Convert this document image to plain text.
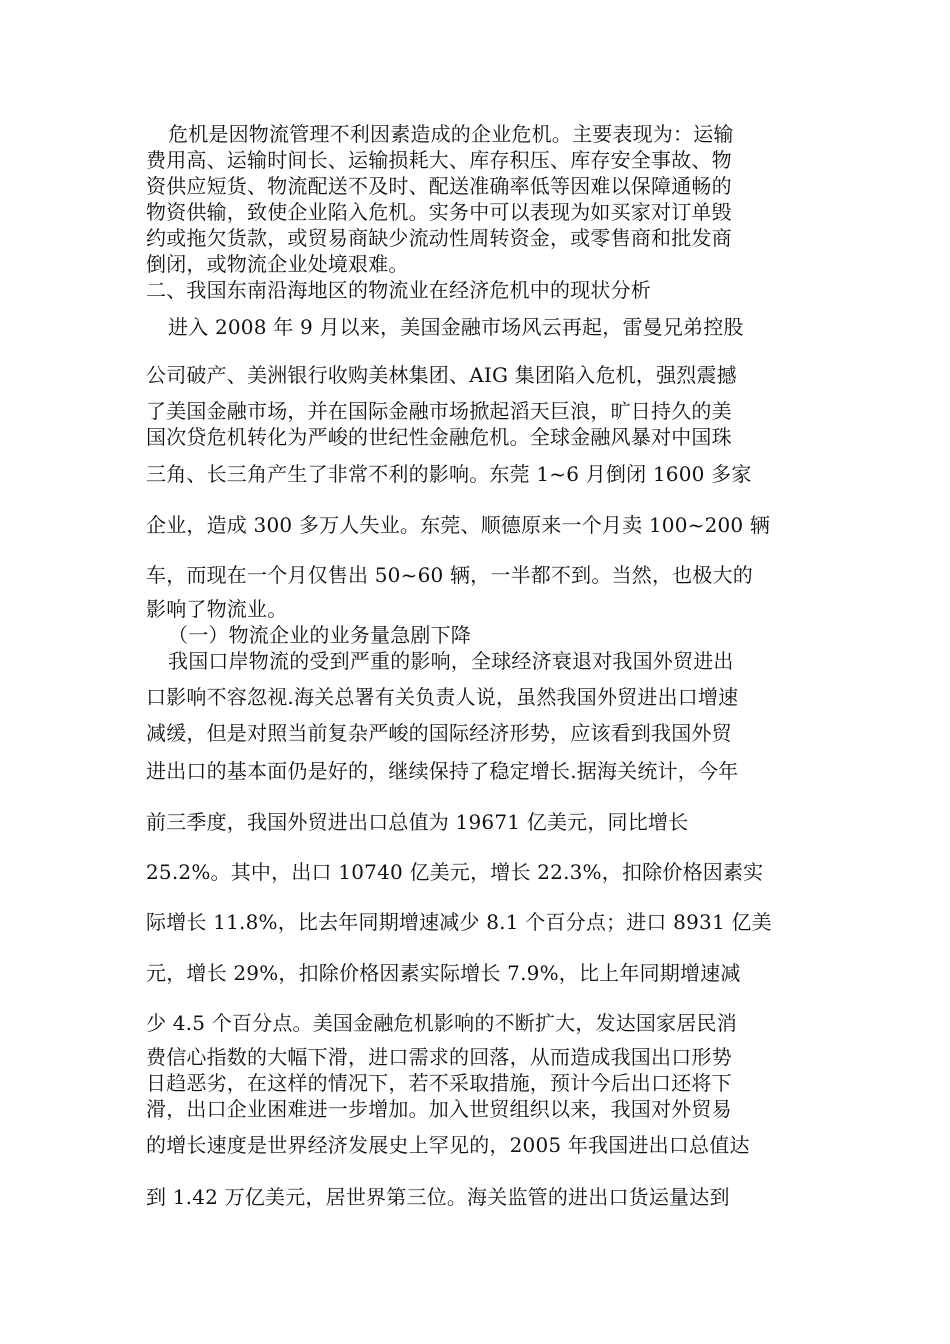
危机是因物流管理不利因素造成的企业危机。主要表现为：运输
费用高、运输时间长、运输损耗大、库存积压、库存安全事故、物
资供应短货、物流配送不及时、配送准确率低等因难以保障通畅的
物资供输，致使企业陷入危机。实务中可以表现为如买家对订单毁
约或拖欠货款，或贸易商缺少流动性周转资金，或零售商和批发商
倒闭，或物流企业处境艰难。
二、我国东南沿海地区的物流业在经济危机中的现状分析
进入 2008 年 9 月以来，美国金融市场风云再起，雷曼兄弟控股
公司破产、美洲银行收购美林集团、AIG 集团陷入危机，强烈震撼
了美国金融市场，并在国际金融市场掀起滔天巨浪，旷日持久的美
国次贷危机转化为严峻的世纪性金融危机。全球金融风暴对中国珠
三角、长三角产生了非常不利的影响。东莞 1~6 月倒闭 1600 多家
企业，造成 300 多万人失业。东莞、顺德原来一个月卖 100~200 辆
车，而现在一个月仅售出 50~60 辆，一半都不到。当然，也极大的
影响了物流业。
（一）物流企业的业务量急剧下降
我国口岸物流的受到严重的影响，全球经济衰退对我国外贸进出
口影响不容忽视.海关总署有关负责人说，虽然我国外贸进出口增速
减缓，但是对照当前复杂严峻的国际经济形势，应该看到我国外贸
进出口的基本面仍是好的，继续保持了稳定增长.据海关统计，今年
前三季度，我国外贸进出口总值为 19671 亿美元，同比增长
25.2%。其中，出口 10740 亿美元，增长 22.3%，扣除价格因素实
际增长 11.8%，比去年同期增速减少 8.1 个百分点；进口 8931 亿美
元，增长 29%，扣除价格因素实际增长 7.9%，比上年同期增速减
少 4.5 个百分点。美国金融危机影响的不断扩大，发达国家居民消
费信心指数的大幅下滑，进口需求的回落，从而造成我国出口形势
日趋恶劣，在这样的情况下，若不采取措施，预计今后出口还将下
滑，出口企业困难进一步增加。加入世贸组织以来，我国对外贸易
的增长速度是世界经济发展史上罕见的，2005 年我国进出口总值达
到 1.42 万亿美元，居世界第三位。海关监管的进出口货运量达到
